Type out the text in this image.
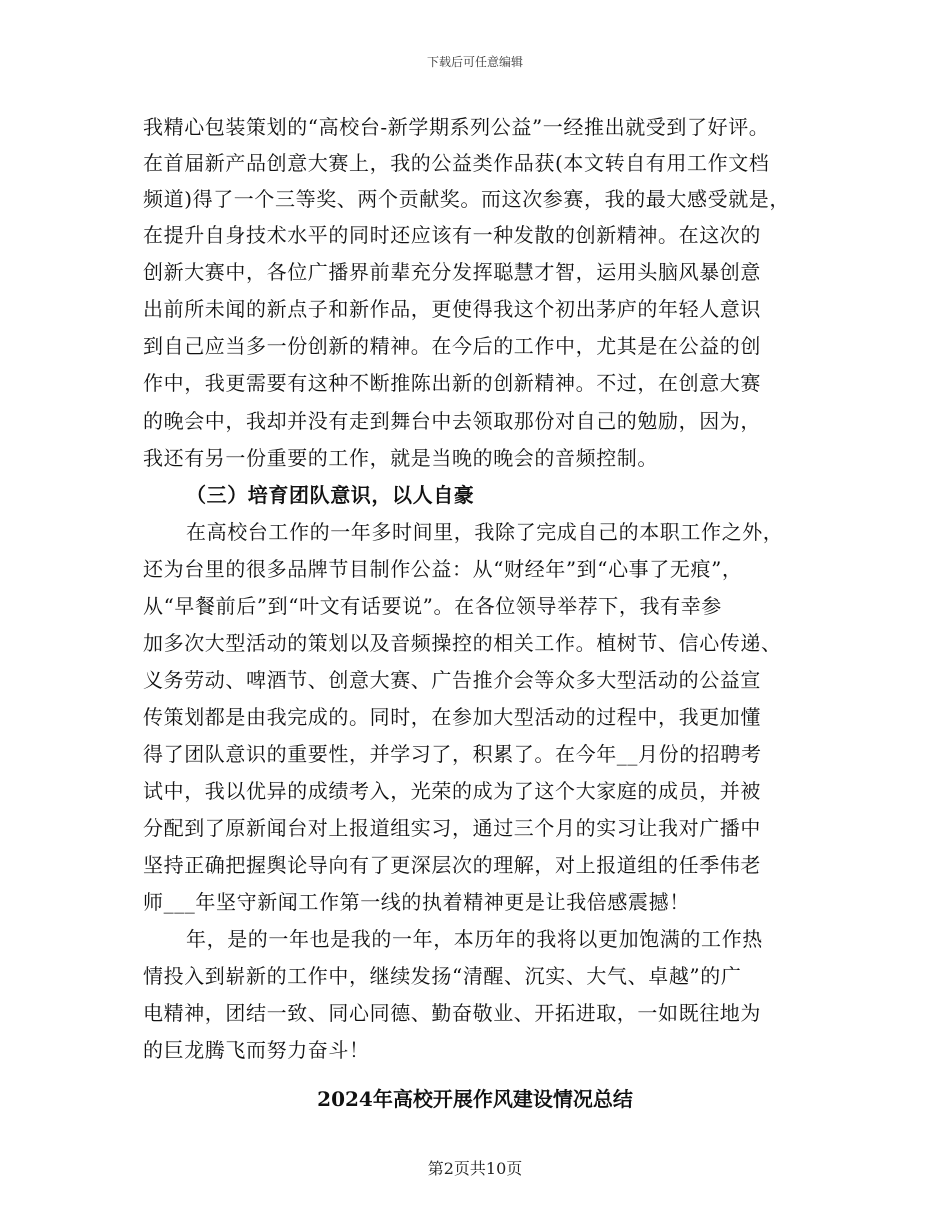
下载后可任意编辑
我精心包装策划的“高校台-新学期系列公益”一经推出就受到了好评。
在首届新产品创意大赛上，我的公益类作品获(本文转自有用工作文档
频道)得了一个三等奖、两个贡献奖。而这次参赛，我的最大感受就是，
在提升自身技术水平的同时还应该有一种发散的创新精神。在这次的
创新大赛中，各位广播界前辈充分发挥聪慧才智，运用头脑风暴创意
出前所未闻的新点子和新作品，更使得我这个初出茅庐的年轻人意识
到自己应当多一份创新的精神。在今后的工作中，尤其是在公益的创
作中，我更需要有这种不断推陈出新的创新精神。不过，在创意大赛
的晚会中，我却并没有走到舞台中去领取那份对自己的勉励，因为，
我还有另一份重要的工作，就是当晚的晚会的音频控制。
（三）培育团队意识，以人自豪
在高校台工作的一年多时间里，我除了完成自己的本职工作之外，
还为台里的很多品牌节目制作公益：从“财经年”到“心事了无痕”，
从“早餐前后”到“叶文有话要说”。在各位领导举荐下，我有幸参
加多次大型活动的策划以及音频操控的相关工作。植树节、信心传递、
义务劳动、啤酒节、创意大赛、广告推介会等众多大型活动的公益宣
传策划都是由我完成的。同时，在参加大型活动的过程中，我更加懂
得了团队意识的重要性，并学习了，积累了。在今年__月份的招聘考
试中，我以优异的成绩考入，光荣的成为了这个大家庭的成员，并被
分配到了原新闻台对上报道组实习，通过三个月的实习让我对广播中
坚持正确把握舆论导向有了更深层次的理解，对上报道组的任季伟老
师___年坚守新闻工作第一线的执着精神更是让我倍感震撼！
年，是的一年也是我的一年，本历年的我将以更加饱满的工作热
情投入到崭新的工作中，继续发扬“清醒、沉实、大气、卓越”的广
电精神，团结一致、同心同德、勤奋敬业、开拓进取，一如既往地为
的巨龙腾飞而努力奋斗！
2024年高校开展作风建设情况总结
第2页共10页
